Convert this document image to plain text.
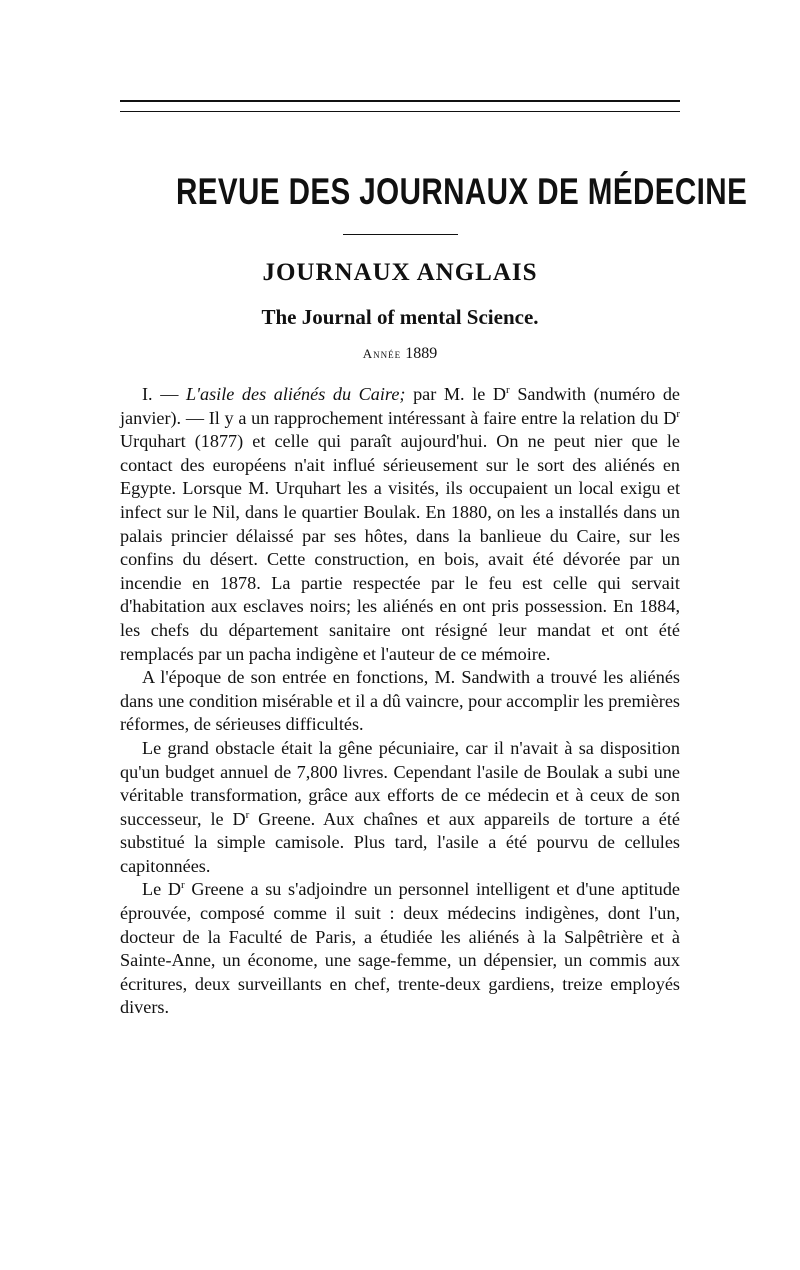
REVUE DES JOURNAUX DE MÉDECINE
JOURNAUX ANGLAIS
The Journal of mental Science.
Année 1889

I. — L'asile des aliénés du Caire; par M. le $D^r$ Sandwith (numéro de janvier). — Il y a un rapprochement intéressant à faire entre la relation du $D^r$ Urquhart (1877) et celle qui paraît aujourd'hui. On ne peut nier que le contact des européens n'ait influé sérieusement sur le sort des aliénés en Egypte. Lorsque M. Urquhart les a visités, ils occupaient un local exigu et infect sur le Nil, dans le quartier Boulak. En 1880, on les a installés dans un palais princier délaissé par ses hôtes, dans la banlieue du Caire, sur les confins du désert. Cette construction, en bois, avait été dévorée par un incendie en 1878. La partie respectée par le feu est celle qui servait d'habitation aux esclaves noirs; les aliénés en ont pris possession. En 1884, les chefs du département sanitaire ont résigné leur mandat et ont été remplacés par un pacha indigène et l'auteur de ce mémoire.

A l'époque de son entrée en fonctions, M. Sandwith a trouvé les aliénés dans une condition misérable et il a dû vaincre, pour accomplir les premières réformes, de sérieuses difficultés.

Le grand obstacle était la gêne pécuniaire, car il n'avait à sa disposition qu'un budget annuel de 7,800 livres. Cependant l'asile de Boulak a subi une véritable transformation, grâce aux efforts de ce médecin et à ceux de son successeur, le $D^r$ Greene. Aux chaînes et aux appareils de torture a été substitué la simple camisole. Plus tard, l'asile a été pourvu de cellules capitonnées.

Le $D^r$ Greene a su s'adjoindre un personnel intelligent et d'une aptitude éprouvée, composé comme il suit : deux médecins indigènes, dont l'un, docteur de la Faculté de Paris, a étudiée les aliénés à la Salpêtrière et à Sainte-Anne, un économe, une sage-femme, un dépensier, un commis aux écritures, deux surveillants en chef, trente-deux gardiens, treize employés divers.
